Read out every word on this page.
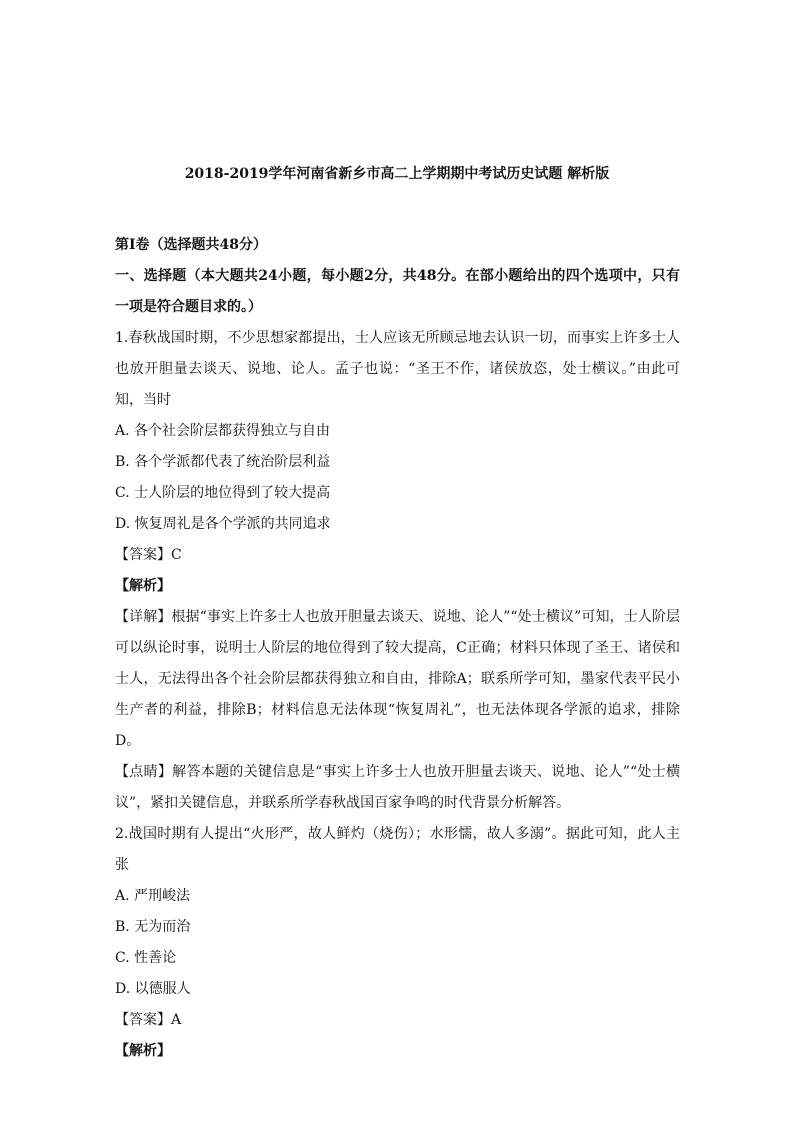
2018-2019学年河南省新乡市高二上学期期中考试历史试题 解析版

第I卷（选择题共48分）

一、选择题（本大题共24小题，每小题2分，共48分。在部小题给出的四个选项中，只有一项是符合题目求的。）

1.春秋战国时期，不少思想家都提出，士人应该无所顾忌地去认识一切，而事实上许多士人也放开胆量去谈天、说地、论人。孟子也说：“圣王不作，诸侯放恣，处士横议。”由此可知，当时

A. 各个社会阶层都获得独立与自由

B. 各个学派都代表了统治阶层利益

C. 士人阶层的地位得到了较大提高

D. 恢复周礼是各个学派的共同追求

【答案】C

【解析】

【详解】根据“事实上许多士人也放开胆量去谈天、说地、论人”“处士横议”可知，士人阶层可以纵论时事，说明士人阶层的地位得到了较大提高，C正确；材料只体现了圣王、诸侯和士人，无法得出各个社会阶层都获得独立和自由，排除A；联系所学可知，墨家代表平民小生产者的利益，排除B；材料信息无法体现“恢复周礼”，也无法体现各学派的追求，排除D。

【点睛】解答本题的关键信息是“事实上许多士人也放开胆量去谈天、说地、论人”“处士横议”，紧扣关键信息，并联系所学春秋战国百家争鸣的时代背景分析解答。

2.战国时期有人提出“火形严，故人鲜灼（烧伤）；水形懦，故人多溺”。据此可知，此人主张

A. 严刑峻法

B. 无为而治

C. 性善论

D. 以德服人

【答案】A

【解析】
